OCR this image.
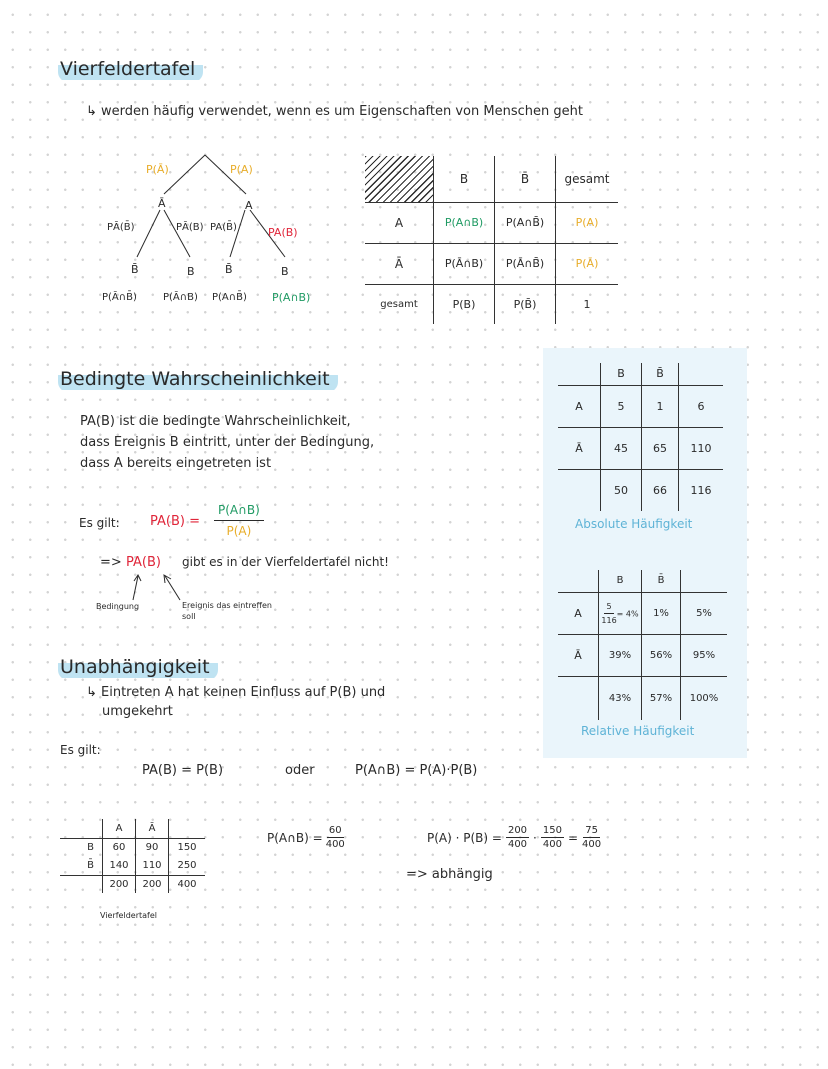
Vierfeldertafel
↳ werden häufig verwendet, wenn es um Eigenschaften von Menschen geht
P(Ā)	P(A)
Ā	A
PĀ(B̄)	PĀ(B) PA(B̄)	PA(B)
B̄	B	B̄	B
P(Ā∩B̄)	P(Ā∩B) P(A∩B̄) P(A∩B)
	B	B̄	gesamt
A	P(A∩B)	P(A∩B̄)	P(A)
Ā	P(Ā∩B)	P(Ā∩B̄)	P(Ā)
gesamt	P(B)	P(B̄)	1
	B	B̄	
A	5	1	6
Ā	45	65	110
	50	66	116
Absolute Häufigkeit
	B	B̄	
A	$\frac{5}{116} = 4\%$	1%	5%
Ā	39%	56%	95%
	43%	57%	100%
Relative Häufigkeit
Bedingte Wahrscheinlichkeit
PA(B) ist die bedingte Wahrscheinlichkeit,
dass Ereignis B eintritt, unter der Bedingung,
dass A bereits eingetreten ist
Es gilt: PA(B) =
P(A∩B)
P(A)
=> PA(B) gibt es in der Vierfeldertafel nicht!
Bedingung	Ereignis das eintreffen
soll
Unabhängigkeit
↳ Eintreten A hat keinen Einfluss auf P(B) und
umgekehrt
Es gilt:
PA(B) = P(B)	oder	P(A∩B) = P(A)·P(B)
	A	Ā	
B	60	90	150
B̄	140	110	250
	200	200	400
Vierfeldertafel
P(A∩B) = $\frac{60}{400}$	$P(A) \cdot P(B) = \frac{200}{400} \cdot \frac{150}{400} = \frac{75}{400}$
=> abhängig
